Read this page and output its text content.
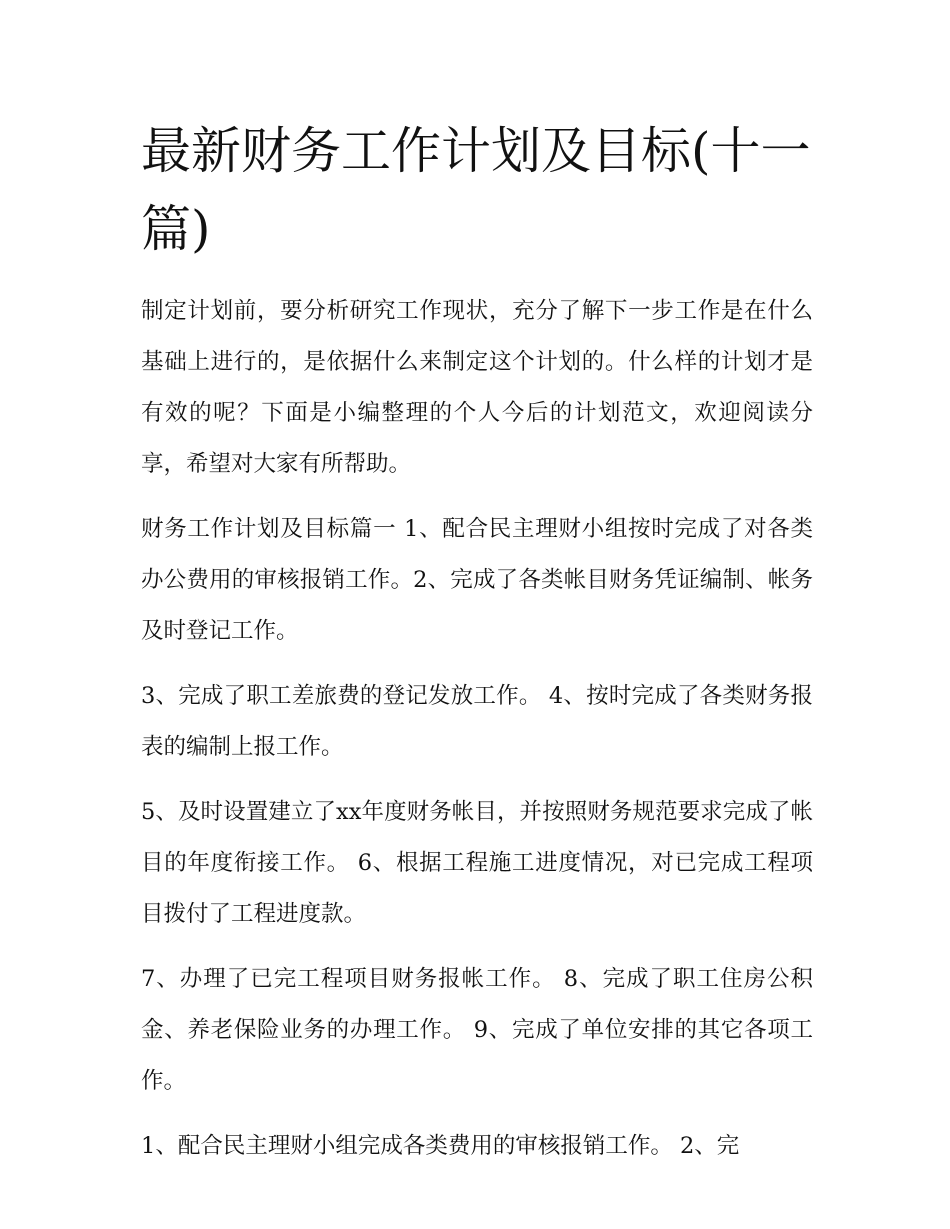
最新财务工作计划及目标(十一篇)

制定计划前，要分析研究工作现状，充分了解下一步工作是在什么基础上进行的，是依据什么来制定这个计划的。什么样的计划才是有效的呢？下面是小编整理的个人今后的计划范文，欢迎阅读分享，希望对大家有所帮助。

财务工作计划及目标篇一 1、配合民主理财小组按时完成了对各类办公费用的审核报销工作。2、完成了各类帐目财务凭证编制、帐务及时登记工作。

3、完成了职工差旅费的登记发放工作。 4、按时完成了各类财务报表的编制上报工作。

5、及时设置建立了xx年度财务帐目，并按照财务规范要求完成了帐目的年度衔接工作。 6、根据工程施工进度情况，对已完成工程项目拨付了工程进度款。

7、办理了已完工程项目财务报帐工作。 8、完成了职工住房公积金、养老保险业务的办理工作。 9、完成了单位安排的其它各项工作。

1、配合民主理财小组完成各类费用的审核报销工作。 2、完
